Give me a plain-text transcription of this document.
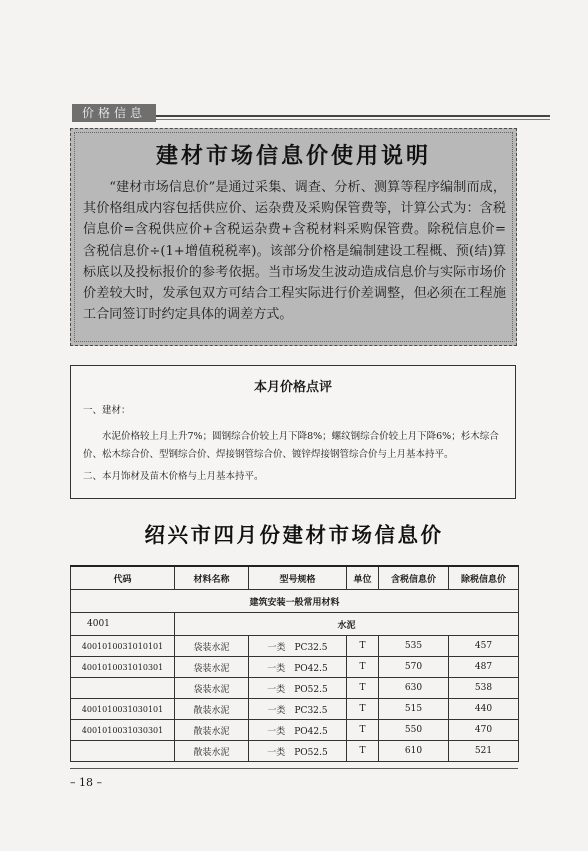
价格信息
建材市场信息价使用说明

“建材市场信息价”是通过采集、调查、分析、测算等程序编制而成，其价格组成内容包括供应价、运杂费及采购保管费等，计算公式为：含税信息价=含税供应价+含税运杂费+含税材料采购保管费。除税信息价=含税信息价÷(1+增值税税率)。该部分价格是编制建设工程概、预(结)算标底以及投标报价的参考依据。当市场发生波动造成信息价与实际市场价价差较大时，发承包双方可结合工程实际进行价差调整，但必须在工程施工合同签订时约定具体的调差方式。

本月价格点评

一、建材：

水泥价格较上月上升7%；圆钢综合价较上月下降8%；螺纹钢综合价较上月下降6%；杉木综合价、松木综合价、型钢综合价、焊接钢管综合价、镀锌焊接钢管综合价与上月基本持平。

二、本月饰材及苗木价格与上月基本持平。

绍兴市四月份建材市场信息价
代码	材料名称	型号规格	单位	含税信息价	除税信息价
建筑安装一般常用材料					
4001	水泥				
4001010031010101	袋装水泥	一类　PC32.5	T	535	457
4001010031010301	袋装水泥	一类　PO42.5	T	570	487
	袋装水泥	一类　PO52.5	T	630	538
4001010031030101	散装水泥	一类　PC32.5	T	515	440
4001010031030301	散装水泥	一类　PO42.5	T	550	470
	散装水泥	一类　PO52.5	T	610	521
– 18 –
